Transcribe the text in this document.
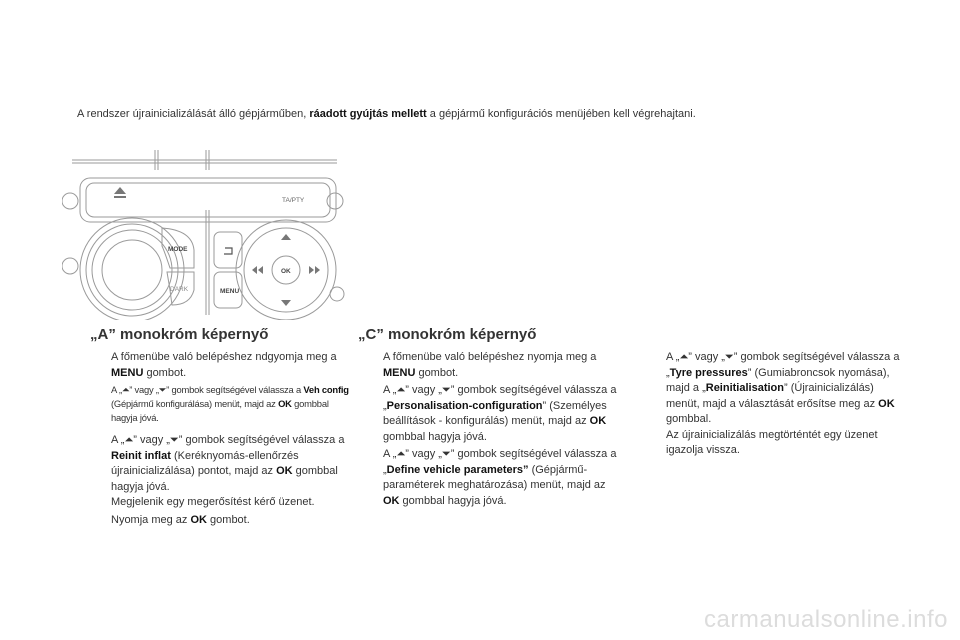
A rendszer újrainicializálását álló gépjárműben, ráadott gyújtás mellett a gépjármű konfigurációs menüjében kell végrehajtani.
MODE
DARK	MENU
OK
TA/PTY
„A” monokróm képernyő
A főmenübe való belépéshez ndgyomja meg a MENU gombot.
A „⏶” vagy „⏷” gombok segítségével válassza a Veh config (Gépjármű konfigurálása) menüt, majd az OK gombbal hagyja jóvá.
A „⏶” vagy „⏷” gombok segítségével válassza a Reinit inflat (Keréknyomás-ellenőrzés újrainicializálása) pontot, majd az OK gombbal hagyja jóvá.
Megjelenik egy megerősítést kérő üzenet.
Nyomja meg az OK gombot.
„C” monokróm képernyő
A főmenübe való belépéshez nyomja meg a MENU gombot.
A „⏶” vagy „⏷” gombok segítségével válassza a „Personalisation-configuration” (Személyes beállítások - konfigurálás) menüt, majd az OK gombbal hagyja jóvá.
A „⏶” vagy „⏷” gombok segítségével válassza a „Define vehicle parameters” (Gépjármű-paraméterek meghatározása) menüt, majd az OK gombbal hagyja jóvá.
A „⏶” vagy „⏷” gombok segítségével válassza a „Tyre pressures” (Gumiabroncsok nyomása), majd a „Reinitialisation” (Újrainicializálás) menüt, majd a választását erősítse meg az OK gombbal.
Az újrainicializálás megtörténtét egy üzenet igazolja vissza.
carmanualsonline.info
